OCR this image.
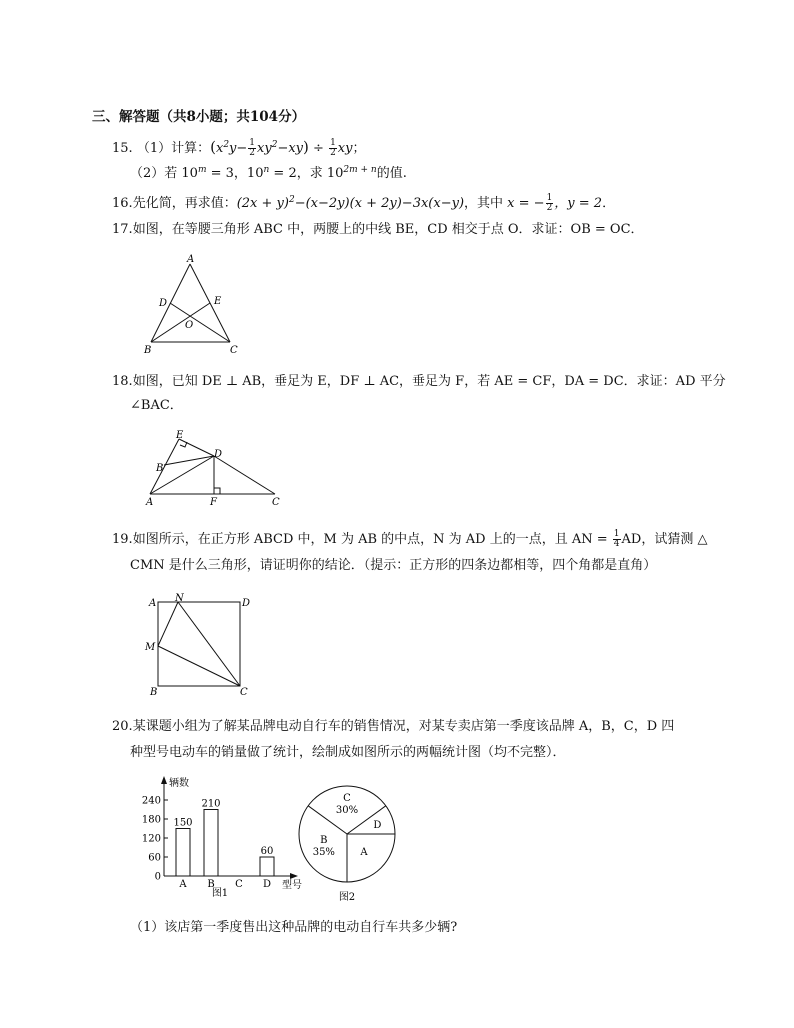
三、解答题（共8小题；共104分）
15. （1）计算：$(x^2y- \frac{1}{2} xy^2-xy) \div \frac{1}{2}$ xy；
（2）若 $10^m = 3$，$10^n = 2$，求 $10^{2m + n}$的值.
16.先化简，再求值：$(2x + y)^2-(x-2y)(x + 2y)-3x(x-y)$，其中 x = − $\frac{1}{2}$ ，y = 2．
17.如图，在等腰三角形 ABC 中，两腰上的中线 BE，CD 相交于点 O．求证：OB = OC．
A
D	E
O
B	C
18.如图，已知 DE ⊥ AB，垂足为 E，DF ⊥ AC，垂足为 F，若 AE = CF，DA = DC．求证：AD 平分
∠BAC．
E
D
B
A	F	C
19.如图所示，在正方形 ABCD 中，M 为 AB 的中点，N 为 AD 上的一点，且 AN = $\frac{1}{4}$ AD，试猜测 △
CMN 是什么三角形，请证明你的结论．（提示：正方形的四条边都相等，四个角都是直角）
A N	D
M
B	C
20.某课题小组为了解某品牌电动自行车的销售情况，对某专卖店第一季度该品牌 A，B，C，D 四
种型号电动车的销量做了统计，绘制成如图所示的两幅统计图（均不完整）．
辆数
型号
0
60
120
180
240
150
A
210
B C
60
D
图1
C
30%
D
A
B
35%
图2
（1）该店第一季度售出这种品牌的电动自行车共多少辆?
